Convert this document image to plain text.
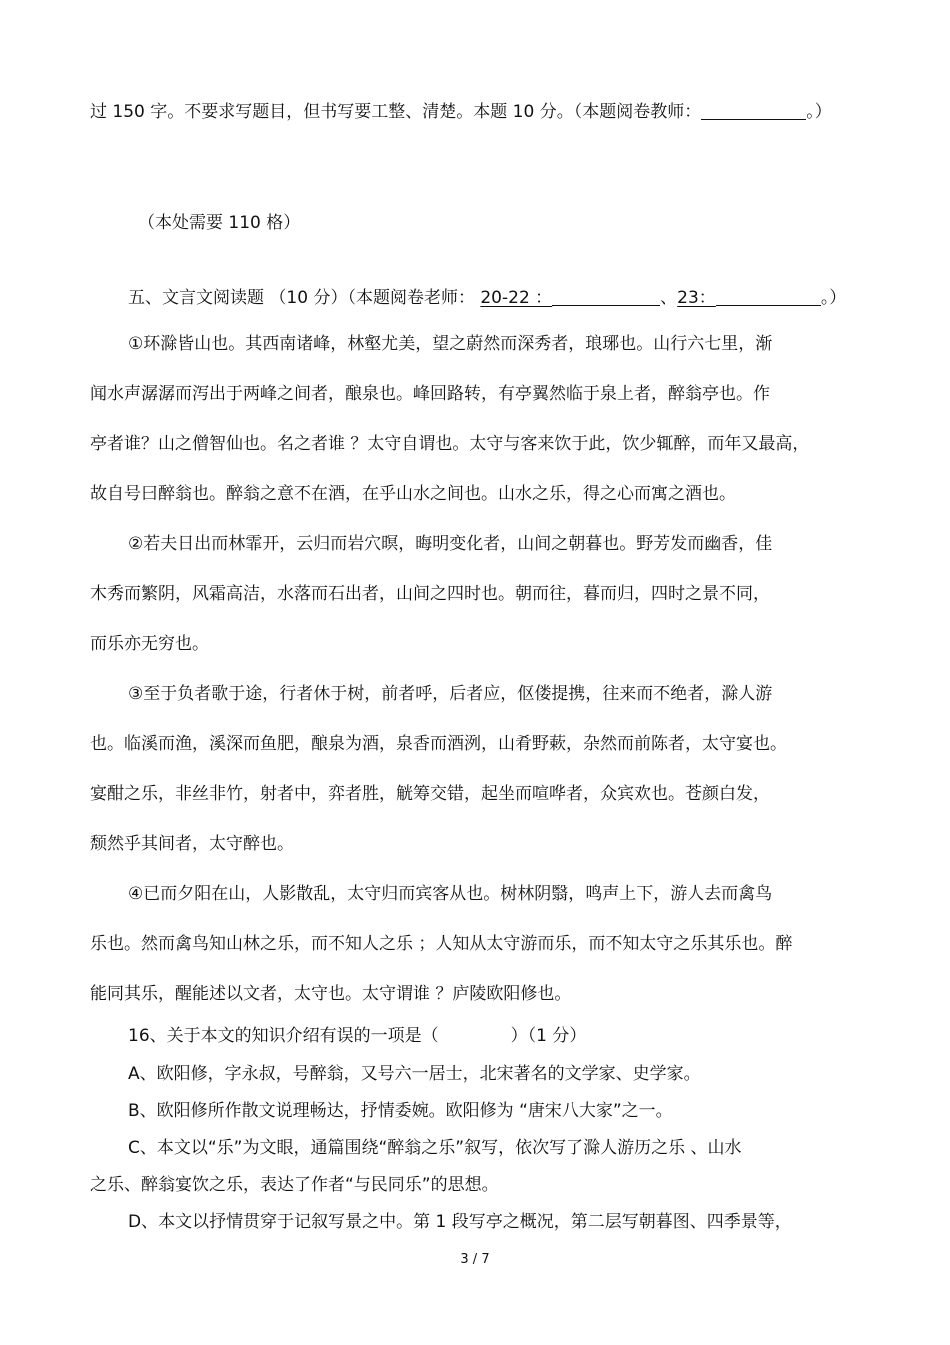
过 150 字。不要求写题目，但书写要工整、清楚。本题 10 分。（本题阅卷教师：	。）
（本处需要 110 格）
五、文言文阅读题 （10 分）（本题阅卷老师： 20-22 ：	、23：	。）
①环滁皆山也。其西南诸峰，林壑尤美，望之蔚然而深秀者，琅琊也。山行六七里，渐
闻水声潺潺而泻出于两峰之间者，酿泉也。峰回路转，有亭翼然临于泉上者，醉翁亭也。作
亭者谁？山之僧智仙也。名之者谁 ？太守自谓也。太守与客来饮于此，饮少辄醉，而年又最高，
故自号曰醉翁也。醉翁之意不在酒，在乎山水之间也。山水之乐，得之心而寓之酒也。
②若夫日出而林霏开，云归而岩穴暝，晦明变化者，山间之朝暮也。野芳发而幽香，佳
木秀而繁阴，风霜高洁，水落而石出者，山间之四时也。朝而往，暮而归，四时之景不同，
而乐亦无穷也。
③至于负者歌于途，行者休于树，前者呼，后者应，伛偻提携，往来而不绝者，滁人游
也。临溪而渔，溪深而鱼肥，酿泉为酒，泉香而酒洌，山肴野蔌，杂然而前陈者，太守宴也。
宴酣之乐，非丝非竹，射者中，弈者胜，觥筹交错，起坐而喧哗者，众宾欢也。苍颜白发，
颓然乎其间者，太守醉也。
④已而夕阳在山，人影散乱，太守归而宾客从也。树林阴翳，鸣声上下，游人去而禽鸟
乐也。然而禽鸟知山林之乐，而不知人之乐 ；人知从太守游而乐，而不知太守之乐其乐也。醉
能同其乐，醒能述以文者，太守也。太守谓谁 ？庐陵欧阳修也。
16、关于本文的知识介绍有误的一项是（	）（1 分）
A、欧阳修，字永叔，号醉翁，又号六一居士，北宋著名的文学家、史学家。
B、欧阳修所作散文说理畅达，抒情委婉。欧阳修为 “唐宋八大家”之一。
C、本文以“乐”为文眼，通篇围绕“醉翁之乐”叙写，依次写了滁人游历之乐 、山水
之乐、醉翁宴饮之乐，表达了作者“与民同乐”的思想。
D、本文以抒情贯穿于记叙写景之中。第 1 段写亭之概况，第二层写朝暮图、四季景等，
3 / 7
